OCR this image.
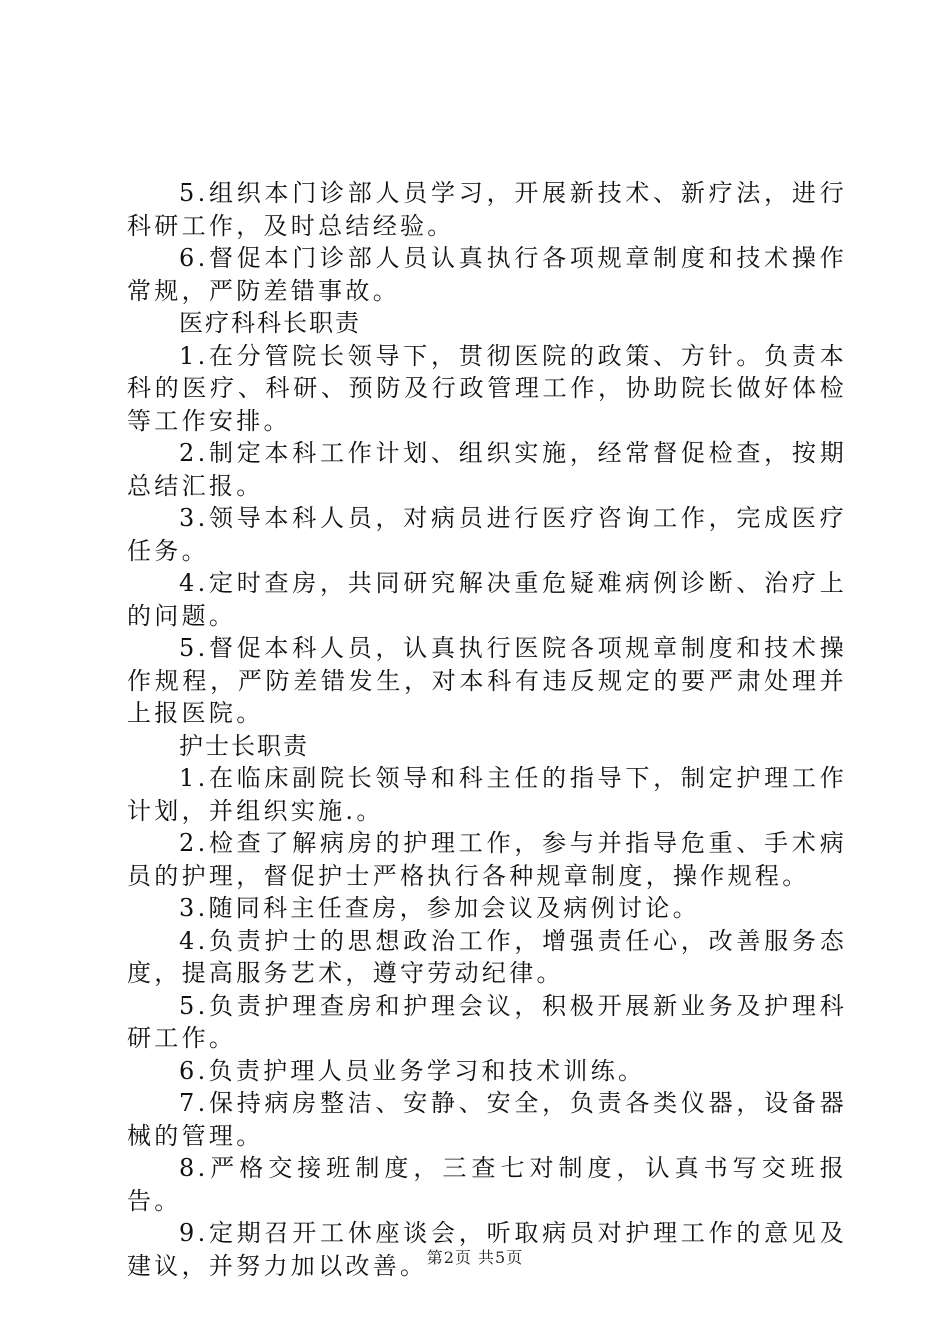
5.组织本门诊部人员学习，开展新技术、新疗法，进行科研工作，及时总结经验。

6.督促本门诊部人员认真执行各项规章制度和技术操作常规，严防差错事故。

医疗科科长职责

1.在分管院长领导下，贯彻医院的政策、方针。负责本科的医疗、科研、预防及行政管理工作，协助院长做好体检等工作安排。

2.制定本科工作计划、组织实施，经常督促检查，按期总结汇报。

3.领导本科人员，对病员进行医疗咨询工作，完成医疗任务。

4.定时查房，共同研究解决重危疑难病例诊断、治疗上的问题。

5.督促本科人员，认真执行医院各项规章制度和技术操作规程，严防差错发生，对本科有违反规定的要严肃处理并上报医院。

护士长职责

1.在临床副院长领导和科主任的指导下，制定护理工作计划，并组织实施.。

2.检查了解病房的护理工作，参与并指导危重、手术病员的护理，督促护士严格执行各种规章制度，操作规程。

3.随同科主任查房，参加会议及病例讨论。

4.负责护士的思想政治工作，增强责任心，改善服务态度，提高服务艺术，遵守劳动纪律。

5.负责护理查房和护理会议，积极开展新业务及护理科研工作。

6.负责护理人员业务学习和技术训练。

7.保持病房整洁、安静、安全，负责各类仪器，设备器械的管理。

8.严格交接班制度，三查七对制度，认真书写交班报告。

9.定期召开工休座谈会，听取病员对护理工作的意见及建议，并努力加以改善。 第2页 共5页
